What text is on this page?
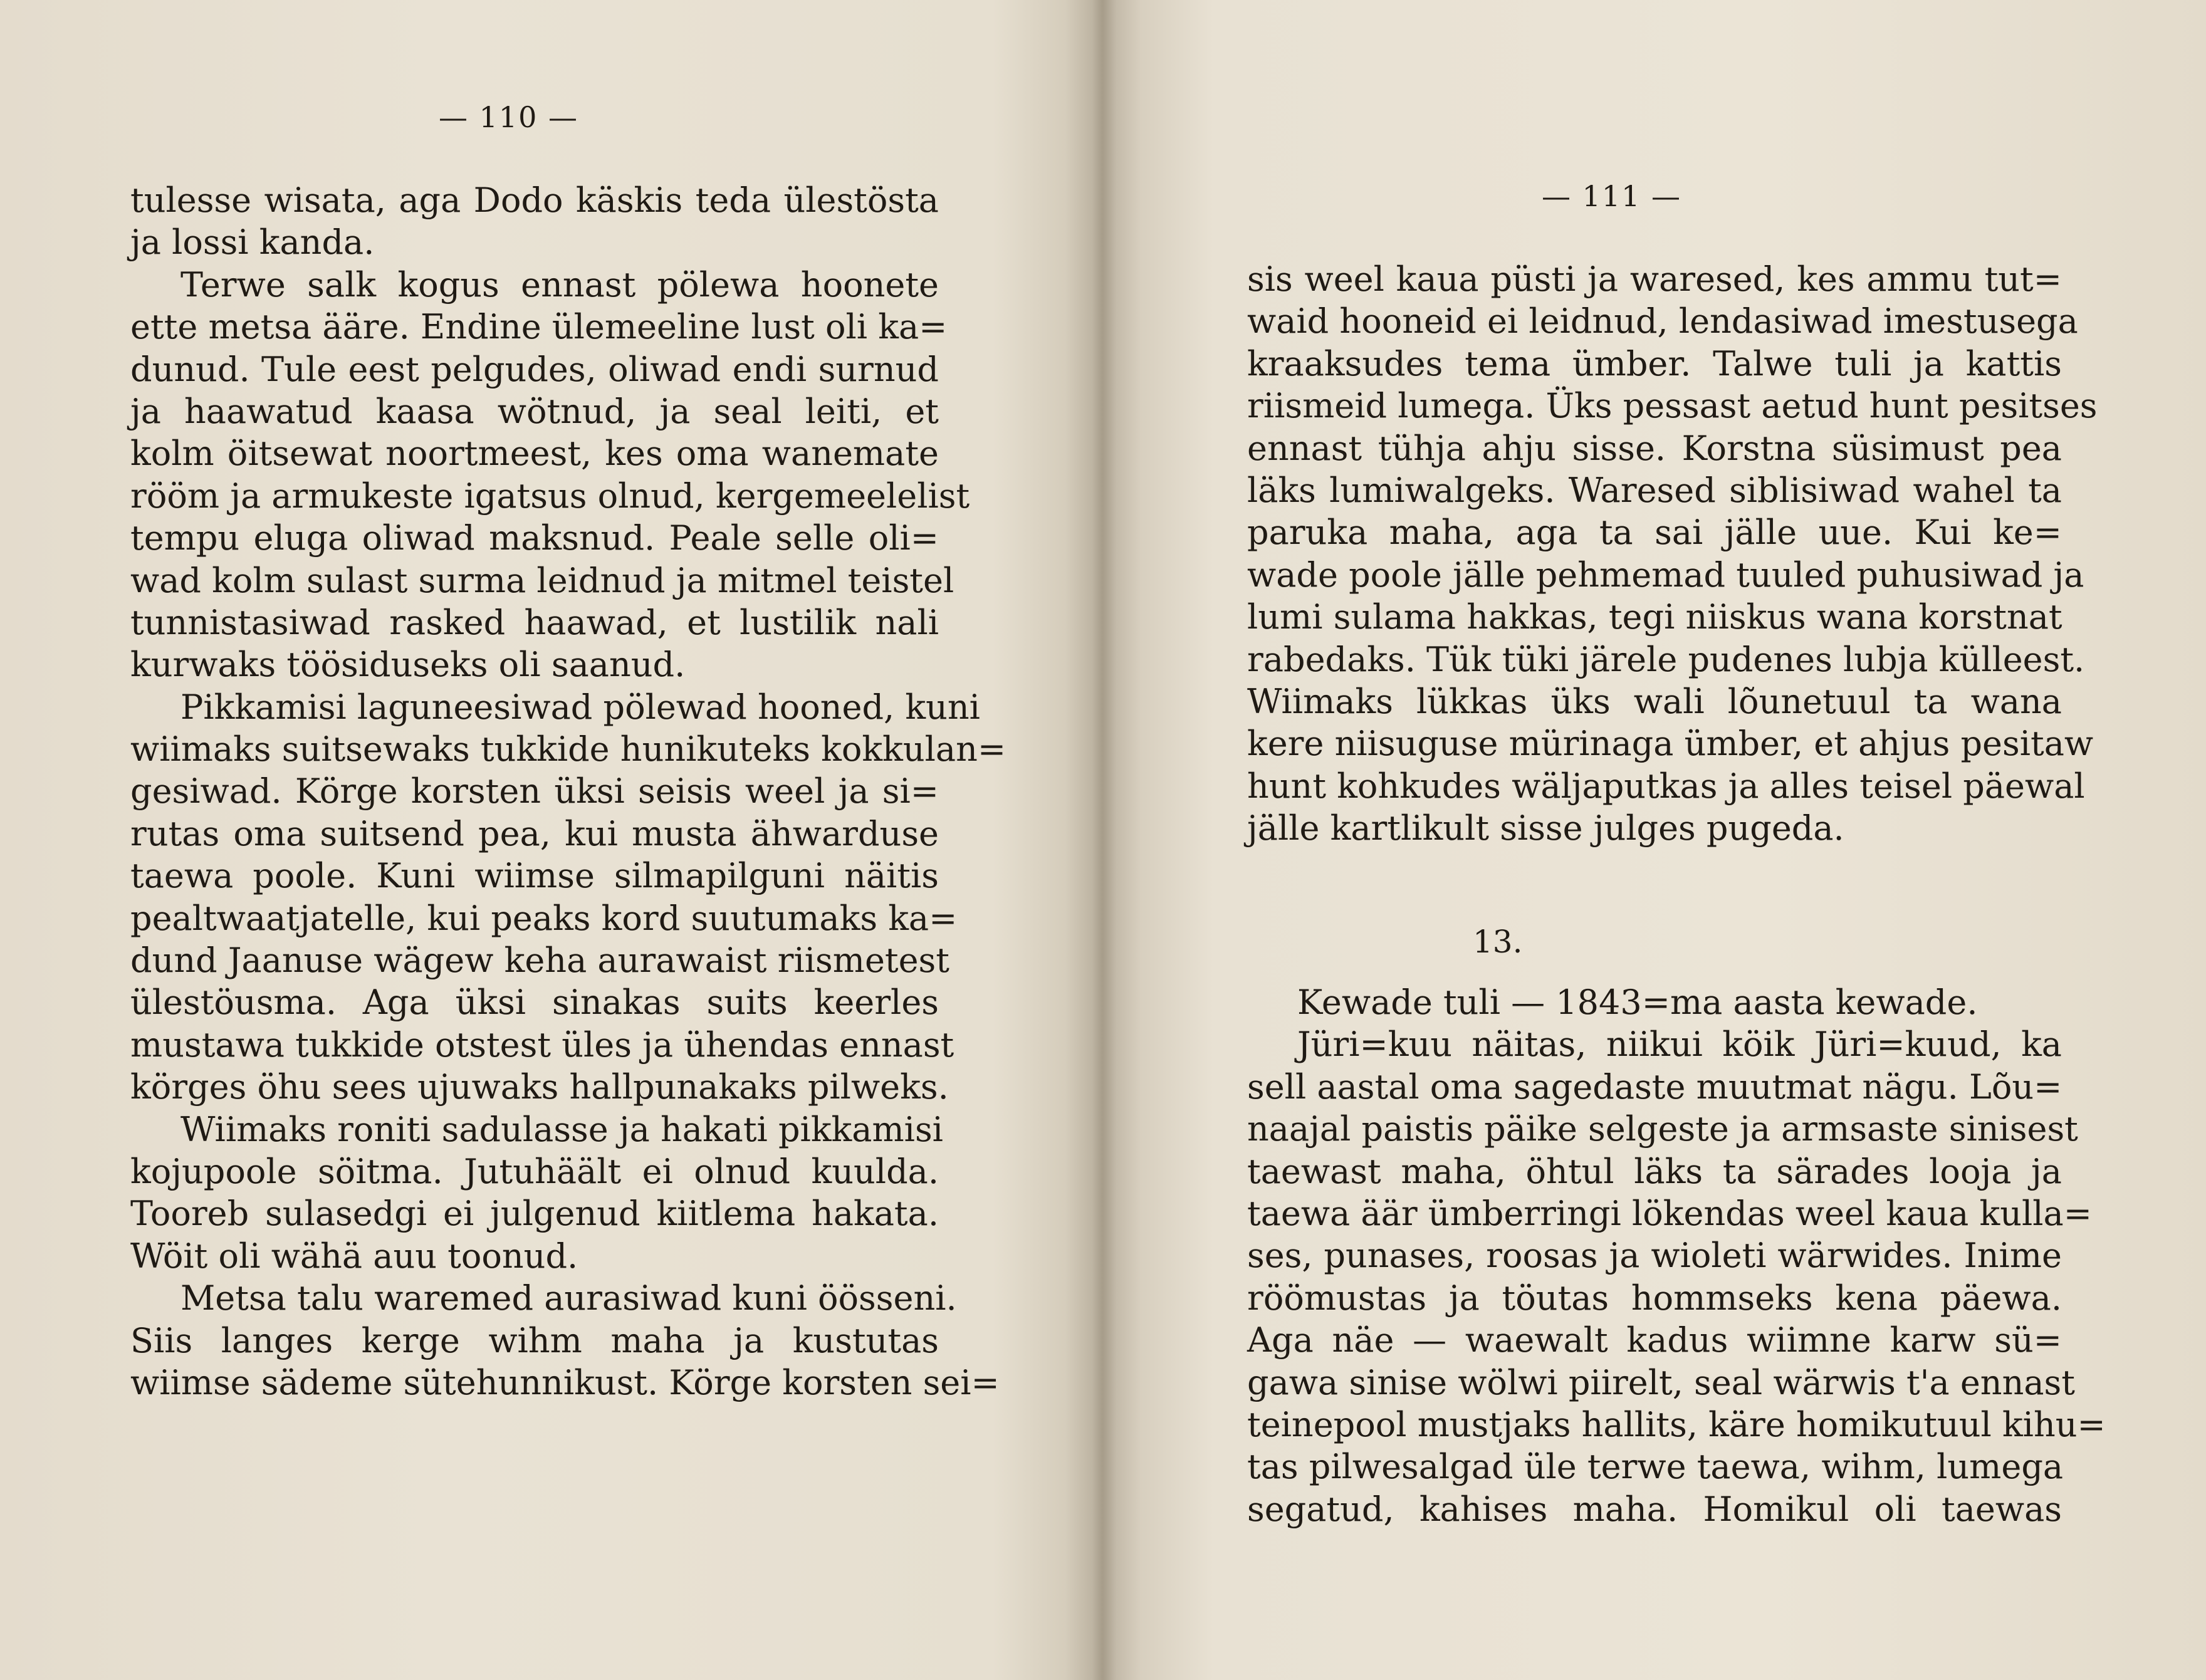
— 110 —
tulesse wisata, aga Dodo käskis teda ülestösta
ja lossi kanda.
Terwe salk kogus ennast pölewa hoonete
ette metsa ääre. Endine ülemeeline lust oli ka=
dunud. Tule eest pelgudes, oliwad endi surnud
ja haawatud kaasa wötnud, ja seal leiti, et
kolm öitsewat noortmeest, kes oma wanemate
rööm ja armukeste igatsus olnud, kergemeelelist
tempu eluga oliwad maksnud. Peale selle oli=
wad kolm sulast surma leidnud ja mitmel teistel
tunnistasiwad rasked haawad, et lustilik nali
kurwaks töösiduseks oli saanud.
Pikkamisi laguneesiwad pölewad hooned, kuni
wiimaks suitsewaks tukkide hunikuteks kokkulan=
gesiwad. Körge korsten üksi seisis weel ja si=
rutas oma suitsend pea, kui musta ähwarduse
taewa poole. Kuni wiimse silmapilguni näitis
pealtwaatjatelle, kui peaks kord suutumaks ka=
dund Jaanuse wägew keha aurawaist riismetest
ülestöusma. Aga üksi sinakas suits keerles
mustawa tukkide otstest üles ja ühendas ennast
körges öhu sees ujuwaks hallpunakaks pilweks.
Wiimaks roniti sadulasse ja hakati pikkamisi
kojupoole söitma. Jutuhäält ei olnud kuulda.
Tooreb sulasedgi ei julgenud kiitlema hakata.
Wöit oli wähä auu toonud.
Metsa talu waremed aurasiwad kuni öösseni.
Siis langes kerge wihm maha ja kustutas
wiimse sädeme sütehunnikust. Körge korsten sei=
— 111 —
sis weel kaua püsti ja waresed, kes ammu tut=
waid hooneid ei leidnud, lendasiwad imestusega
kraaksudes tema ümber. Talwe tuli ja kattis
riismeid lumega. Üks pessast aetud hunt pesitses
ennast tühja ahju sisse. Korstna süsimust pea
läks lumiwalgeks. Waresed siblisiwad wahel ta
paruka maha, aga ta sai jälle uue. Kui ke=
wade poole jälle pehmemad tuuled puhusiwad ja
lumi sulama hakkas, tegi niiskus wana korstnat
rabedaks. Tük tüki järele pudenes lubja külleest.
Wiimaks lükkas üks wali lõunetuul ta wana
kere niisuguse mürinaga ümber, et ahjus pesitaw
hunt kohkudes wäljaputkas ja alles teisel päewal
jälle kartlikult sisse julges pugeda.
13.
Kewade tuli — 1843=ma aasta kewade.
Jüri=kuu näitas, niikui köik Jüri=kuud, ka
sell aastal oma sagedaste muutmat nägu. Lõu=
naajal paistis päike selgeste ja armsaste sinisest
taewast maha, öhtul läks ta särades looja ja
taewa äär ümberringi lökendas weel kaua kulla=
ses, punases, roosas ja wioleti wärwides. Inime
röömustas ja töutas hommseks kena päewa.
Aga näe — waewalt kadus wiimne karw sü=
gawa sinise wölwi piirelt, seal wärwis t'a ennast
teinepool mustjaks hallits, käre homikutuul kihu=
tas pilwesalgad üle terwe taewa, wihm, lumega
segatud, kahises maha. Homikul oli taewas
